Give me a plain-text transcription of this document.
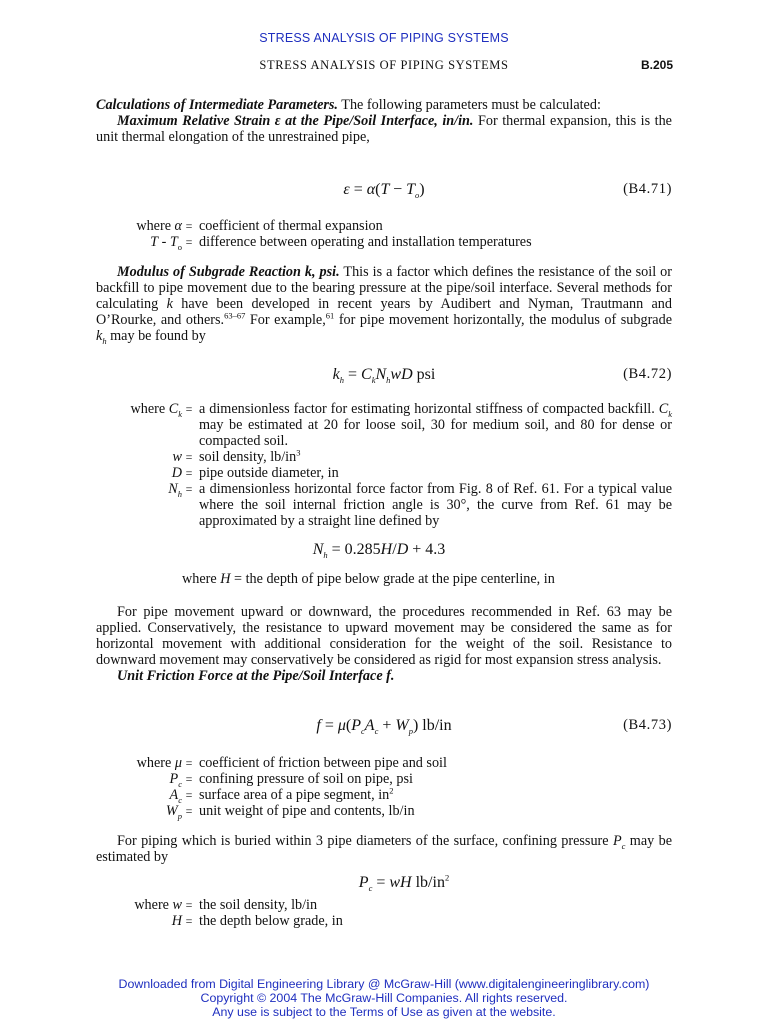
STRESS ANALYSIS OF PIPING SYSTEMS
STRESS ANALYSIS OF PIPING SYSTEMS	B.205

Calculations of Intermediate Parameters. The following parameters must be calculated:

Maximum Relative Strain ε at the Pipe/Soil Interface, in/in. For thermal expansion, this is the unit thermal elongation of the unrestrained pipe,

$\varepsilon = \alpha(T - T_o)$	(B4.71)
where α = coefficient of thermal expansion
T - $T_o$ = difference between operating and installation temperatures
Modulus of Subgrade Reaction k, psi. This is a factor which defines the resistance of the soil or backfill to pipe movement due to the bearing pressure at the pipe/soil interface. Several methods for calculating k have been developed in recent years by Audibert and Nyman, Trautmann and O’Rourke, and others.$^{63-67}$ For example,$^{61}$ for pipe movement horizontally, the modulus of subgrade $k_h$ may be found by
$k_h = C_kN_hwD$ psi	(B4.72)
where $C_k = a$ dimensionless factor for estimating horizontal stiffness of compacted backfill. $C_k$ may be estimated at 20 for loose soil, 30 for medium soil, and 80 for dense or compacted soil.
w = soil density, $lb/in^3$
D = pipe outside diameter, in
$N_h = a$ dimensionless horizontal force factor from Fig. 8 of Ref. 61. For a typical value where the soil internal friction angle is 30°, the curve from Ref. 61 may be approximated by a straight line defined by
$N_h = 0.285H/D + 4.3$
where H = the depth of pipe below grade at the pipe centerline, in

For pipe movement upward or downward, the procedures recommended in Ref. 63 may be applied. Conservatively, the resistance to upward movement may be considered the same as for horizontal movement with additional consideration for the weight of the soil. Resistance to downward movement may conservatively be considered as rigid for most expansion stress analysis.

Unit Friction Force at the Pipe/Soil Interface f.

$f = \mu(P_cA_c + W_p)$ lb/in	(B4.73)
where μ = coefficient of friction between pipe and soil
$P_c$ = confining pressure of soil on pipe, psi
$A_c$ = surface area of a pipe segment, $in^2$
$W_p$ = unit weight of pipe and contents, lb/in
For piping which is buried within 3 pipe diameters of the surface, confining pressure $P_c$ may be estimated by
$P_c$ = wH $lb/in^2$
where w = the soil density, lb/in
H = the depth below grade, in
Downloaded from Digital Engineering Library @ McGraw-Hill (www.digitalengineeringlibrary.com)
Copyright © 2004 The McGraw-Hill Companies. All rights reserved.
Any use is subject to the Terms of Use as given at the website.
